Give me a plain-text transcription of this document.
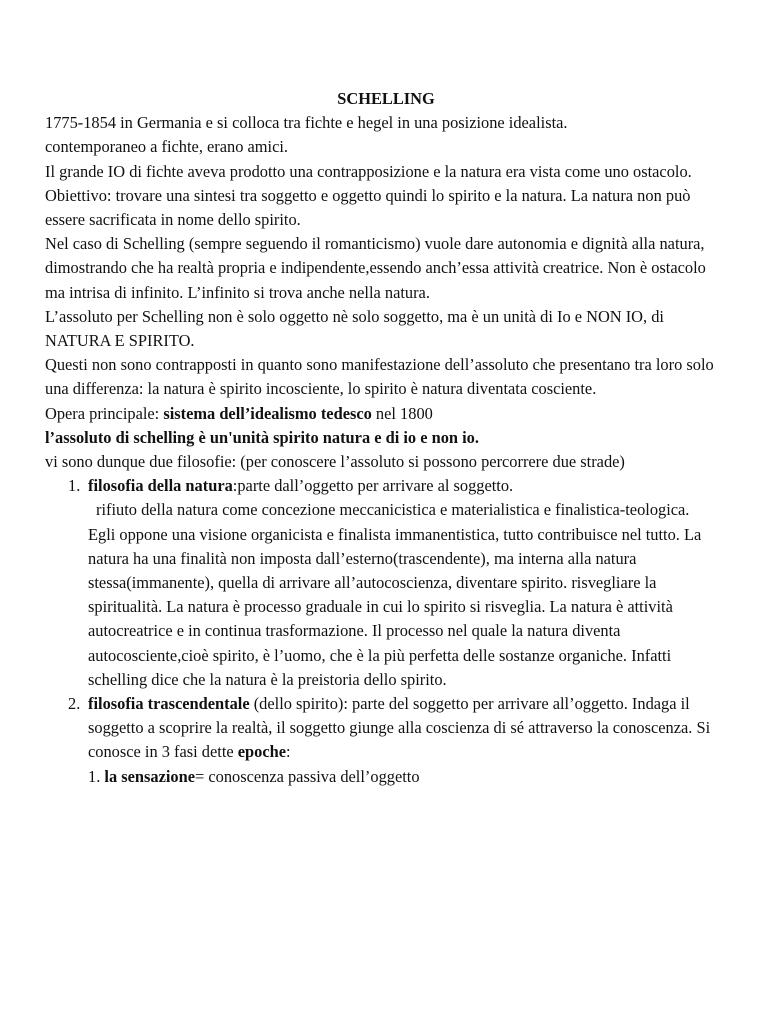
SCHELLING

1775-1854 in Germania e si colloca tra fichte e hegel in una posizione idealista.

contemporaneo a fichte, erano amici.

Il grande IO di fichte aveva prodotto una contrapposizione e la natura era vista come uno ostacolo. Obiettivo: trovare una sintesi tra soggetto e oggetto quindi lo spirito e la natura. La natura non può essere sacrificata in nome dello spirito.

Nel caso di Schelling (sempre seguendo il romanticismo) vuole dare autonomia e dignità alla natura, dimostrando che ha realtà propria e indipendente,essendo anch’essa attività creatrice. Non è ostacolo ma intrisa di infinito. L’infinito si trova anche nella natura.

L’assoluto per Schelling non è solo oggetto nè solo soggetto, ma è un unità di Io e NON IO, di NATURA E SPIRITO.

Questi non sono contrapposti in quanto sono manifestazione dell’assoluto che presentano tra loro solo una differenza: la natura è spirito incosciente, lo spirito è natura diventata cosciente.

Opera principale: sistema dell’idealismo tedesco nel 1800

l’assoluto di schelling è un'unità spirito natura e di io e non io.

vi sono dunque due filosofie: (per conoscere l’assoluto si possono percorrere due strade)

1. filosofia della natura:parte dall’oggetto per arrivare al soggetto.
rifiuto della natura come concezione meccanicistica e materialistica e finalistica-teologica.
Egli oppone una visione organicista e finalista immanentistica, tutto contribuisce nel tutto. La natura ha una finalità non imposta dall’esterno(trascendente), ma interna alla natura stessa(immanente), quella di arrivare all’autocoscienza, diventare spirito. risvegliare la spiritualità. La natura è processo graduale in cui lo spirito si risveglia. La natura è attività autocreatrice e in continua trasformazione. Il processo nel quale la natura diventa autocosciente,cioè spirito, è l’uomo, che è la più perfetta delle sostanze organiche. Infatti schelling dice che la natura è la preistoria dello spirito.
2. filosofia trascendentale (dello spirito): parte del soggetto per arrivare all’oggetto. Indaga il soggetto a scoprire la realtà, il soggetto giunge alla coscienza di sé attraverso la conoscenza. Si conosce in 3 fasi dette epoche:
1. la sensazione= conoscenza passiva dell’oggetto
